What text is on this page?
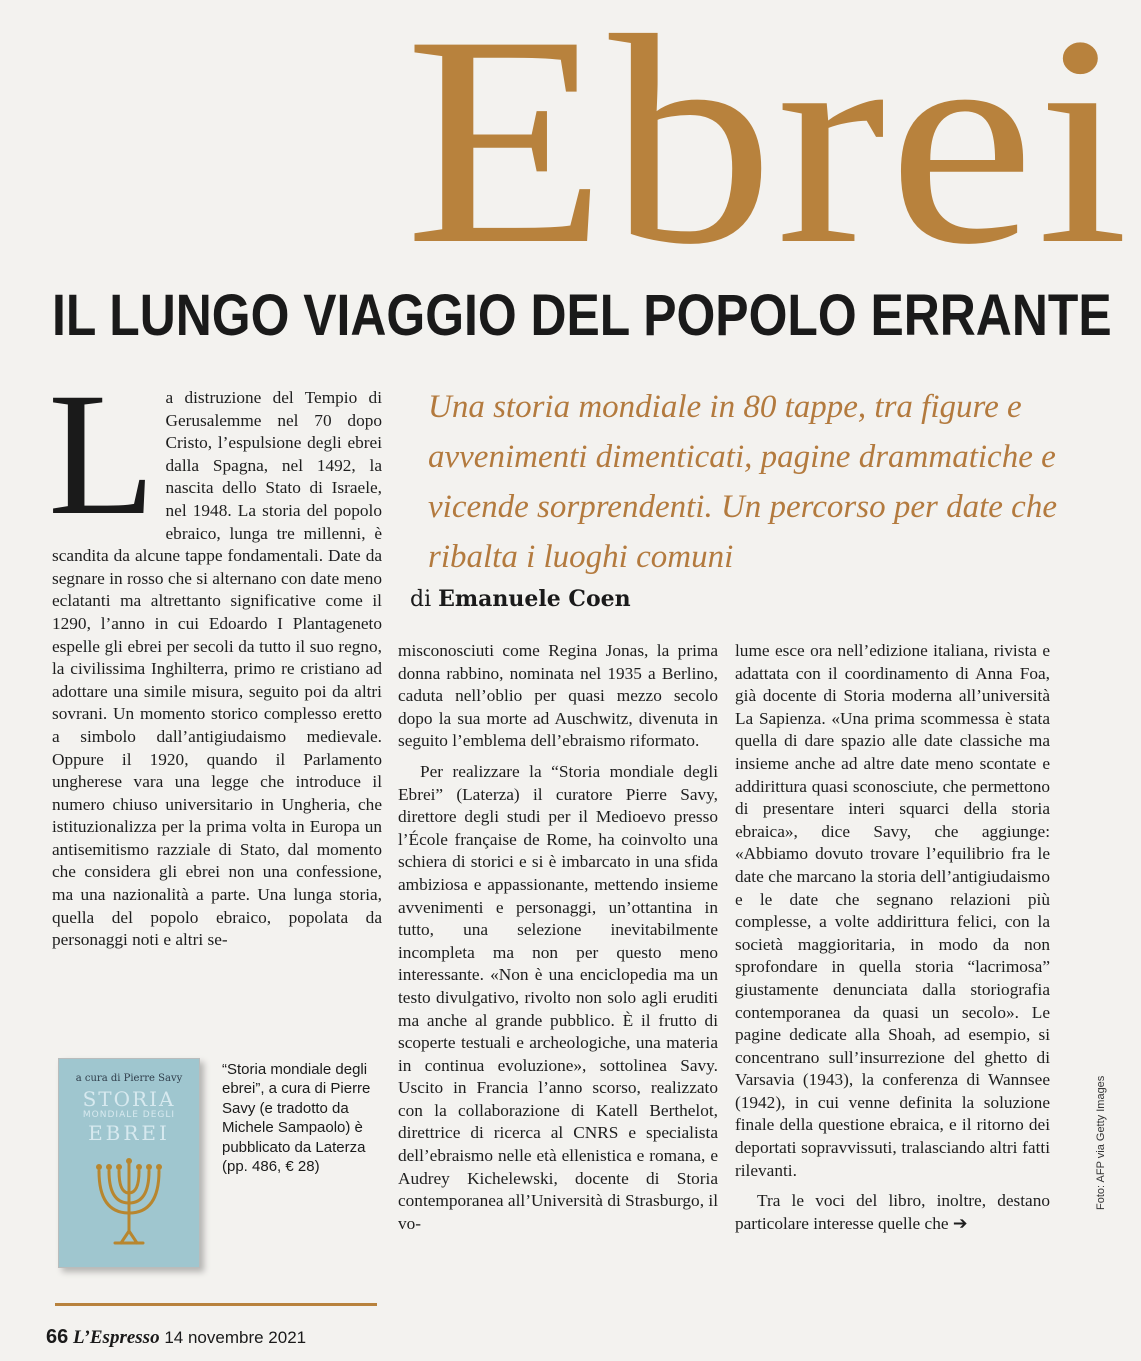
Ebrei
IL LUNGO VIAGGIO DEL POPOLO ERRANTE
Una storia mondiale in 80 tappe, tra figure e avvenimenti dimenticati, pagine drammatiche e vicende sorprendenti. Un percorso per date che ribalta i luoghi comuni
di Emanuele Coen
L a distruzione del Tempio di Gerusalemme nel 70 dopo Cristo, l’espulsione degli ebrei dalla Spagna, nel 1492, la nascita dello Stato di Israele, nel 1948. La storia del popolo ebraico, lunga tre millenni, è scandita da alcune tappe fondamentali. Date da segnare in rosso che si alternano con date meno eclatanti ma altrettanto significative come il 1290, l’anno in cui Edoardo I Plantageneto espelle gli ebrei per secoli da tutto il suo regno, la civilissima Inghilterra, primo re cristiano ad adottare una simile misura, seguito poi da altri sovrani. Un momento storico complesso eretto a simbolo dall’antigiudaismo medievale. Oppure il 1920, quando il Parlamento ungherese vara una legge che introduce il numero chiuso universitario in Ungheria, che istituzionalizza per la prima volta in Europa un antisemitismo razziale di Stato, dal momento che considera gli ebrei non una confessione, ma una nazionalità a parte. Una lunga storia, quella del popolo ebraico, popolata da personaggi noti e altri se-

misconosciuti come Regina Jonas, la prima donna rabbino, nominata nel 1935 a Berlino, caduta nell’oblio per quasi mezzo secolo dopo la sua morte ad Auschwitz, divenuta in seguito l’emblema dell’ebraismo riformato.

Per realizzare la “Storia mondiale degli Ebrei” (Laterza) il curatore Pierre Savy, direttore degli studi per il Medioevo presso l’École française de Rome, ha coinvolto una schiera di storici e si è imbarcato in una sfida ambiziosa e appassionante, mettendo insieme avvenimenti e personaggi, un’ottantina in tutto, una selezione inevitabilmente incompleta ma non per questo meno interessante. «Non è una enciclopedia ma un testo divulgativo, rivolto non solo agli eruditi ma anche al grande pubblico. È il frutto di scoperte testuali e archeologiche, una materia in continua evoluzione», sottolinea Savy. Uscito in Francia l’anno scorso, realizzato con la collaborazione di Katell Berthelot, direttrice di ricerca al CNRS e specialista dell’ebraismo nelle età ellenistica e romana, e Audrey Kichelewski, docente di Storia contemporanea all’Università di Strasburgo, il vo-

lume esce ora nell’edizione italiana, rivista e adattata con il coordinamento di Anna Foa, già docente di Storia moderna all’università La Sapienza. «Una prima scommessa è stata quella di dare spazio alle date classiche ma insieme anche ad altre date meno scontate e addirittura quasi sconosciute, che permettono di presentare interi squarci della storia ebraica», dice Savy, che aggiunge: «Abbiamo dovuto trovare l’equilibrio fra le date che marcano la storia dell’antigiudaismo e le date che segnano relazioni più complesse, a volte addirittura felici, con la società maggioritaria, in modo da non sprofondare in quella storia “lacrimosa” giustamente denunciata dalla storiografia contemporanea da quasi un secolo». Le pagine dedicate alla Shoah, ad esempio, si concentrano sull’insurrezione del ghetto di Varsavia (1943), la conferenza di Wannsee (1942), in cui venne definita la soluzione finale della questione ebraica, e il ritorno dei deportati sopravvissuti, tralasciando altri fatti rilevanti.

Tra le voci del libro, inoltre, destano particolare interesse quelle che ➔

a cura di Pierre Savy
STORIA
MONDIALE DEGLI
EBREI
“Storia mondiale degli ebrei”, a cura di Pierre Savy (e tradotto da Michele Sampaolo) è pubblicato da Laterza (pp. 486, € 28)
66 L’Espresso 14 novembre 2021
Foto: AFP via Getty Images
